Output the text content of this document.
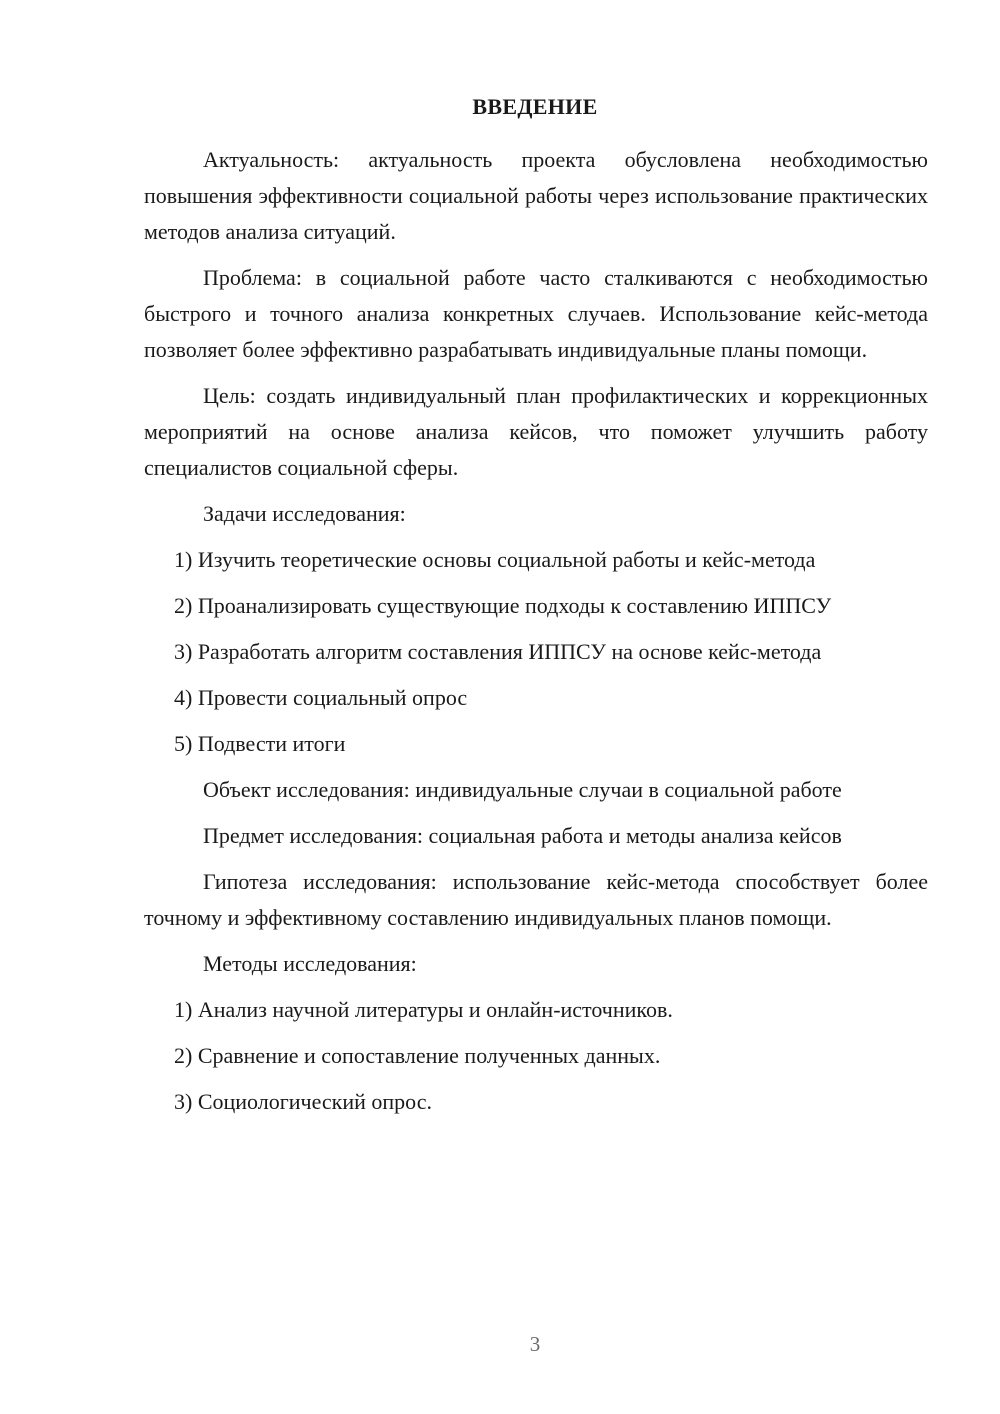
ВВЕДЕНИЕ

Актуальность: актуальность проекта обусловлена необходимостью повышения эффективности социальной работы через использование практических методов анализа ситуаций.

Проблема: в социальной работе часто сталкиваются с необходимостью быстрого и точного анализа конкретных случаев. Использование кейс-метода позволяет более эффективно разрабатывать индивидуальные планы помощи.

Цель: создать индивидуальный план профилактических и коррекционных мероприятий на основе анализа кейсов, что поможет улучшить работу специалистов социальной сферы.

Задачи исследования:

1) Изучить теоретические основы социальной работы и кейс-метода

2) Проанализировать существующие подходы к составлению ИППСУ

3) Разработать алгоритм составления ИППСУ на основе кейс-метода

4) Провести социальный опрос

5) Подвести итоги

Объект исследования: индивидуальные случаи в социальной работе

Предмет исследования: социальная работа и методы анализа кейсов

Гипотеза исследования: использование кейс-метода способствует более точному и эффективному составлению индивидуальных планов помощи.

Методы исследования:

1) Анализ научной литературы и онлайн-источников.

2) Сравнение и сопоставление полученных данных.

3) Социологический опрос.

3
